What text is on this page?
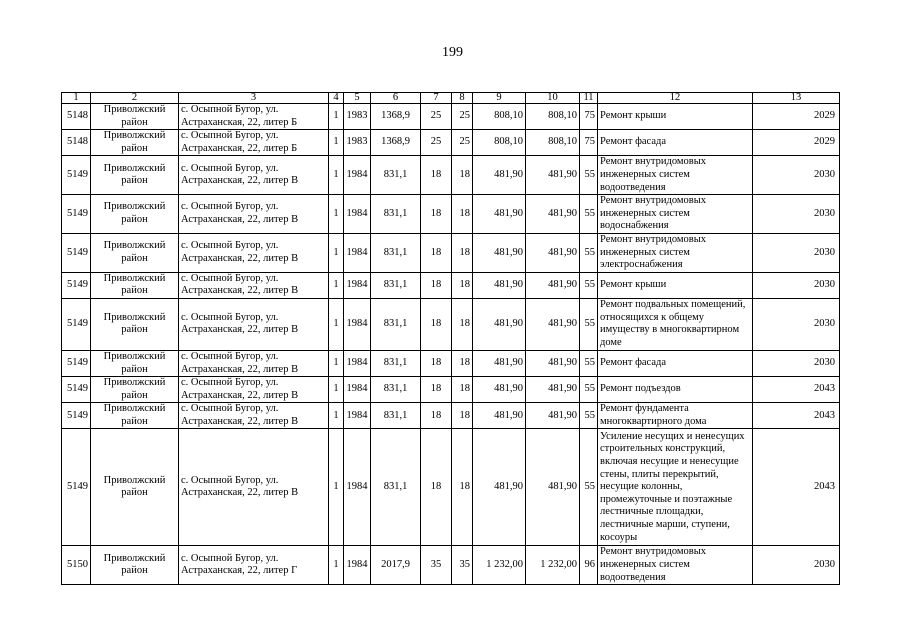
199
1	2	3	4	5	6	7	8	9	10	11	12	13
5148	Приволжский район	с. Осыпной Бугор, ул. Астраханская, 22, литер Б	1	1983	1368,9	25	25	808,10	808,10	75	Ремонт крыши	2029
5148	Приволжский район	с. Осыпной Бугор, ул. Астраханская, 22, литер Б	1	1983	1368,9	25	25	808,10	808,10	75	Ремонт фасада	2029
5149	Приволжский район	с. Осыпной Бугор, ул. Астраханская, 22, литер В	1	1984	831,1	18	18	481,90	481,90	55	Ремонт внутридомовых инженерных систем водоотведения	2030
5149	Приволжский район	с. Осыпной Бугор, ул. Астраханская, 22, литер В	1	1984	831,1	18	18	481,90	481,90	55	Ремонт внутридомовых инженерных систем водоснабжения	2030
5149	Приволжский район	с. Осыпной Бугор, ул. Астраханская, 22, литер В	1	1984	831,1	18	18	481,90	481,90	55	Ремонт внутридомовых инженерных систем электроснабжения	2030
5149	Приволжский район	с. Осыпной Бугор, ул. Астраханская, 22, литер В	1	1984	831,1	18	18	481,90	481,90	55	Ремонт крыши	2030
5149	Приволжский район	с. Осыпной Бугор, ул. Астраханская, 22, литер В	1	1984	831,1	18	18	481,90	481,90	55	Ремонт подвальных помещений, относящихся к общему имуществу в многоквартирном доме	2030
5149	Приволжский район	с. Осыпной Бугор, ул. Астраханская, 22, литер В	1	1984	831,1	18	18	481,90	481,90	55	Ремонт фасада	2030
5149	Приволжский район	с. Осыпной Бугор, ул. Астраханская, 22, литер В	1	1984	831,1	18	18	481,90	481,90	55	Ремонт подъездов	2043
5149	Приволжский район	с. Осыпной Бугор, ул. Астраханская, 22, литер В	1	1984	831,1	18	18	481,90	481,90	55	Ремонт фундамента многоквартирного дома	2043
5149	Приволжский район	с. Осыпной Бугор, ул. Астраханская, 22, литер В	1	1984	831,1	18	18	481,90	481,90	55	Усиление несущих и ненесущих строительных конструкций, включая несущие и ненесущие стены, плиты перекрытий, несущие колонны, промежуточные и поэтажные лестничные площадки, лестничные марши, ступени, косоуры	2043
5150	Приволжский район	с. Осыпной Бугор, ул. Астраханская, 22, литер Г	1	1984	2017,9	35	35	1 232,00	1 232,00	96	Ремонт внутридомовых инженерных систем водоотведения	2030
